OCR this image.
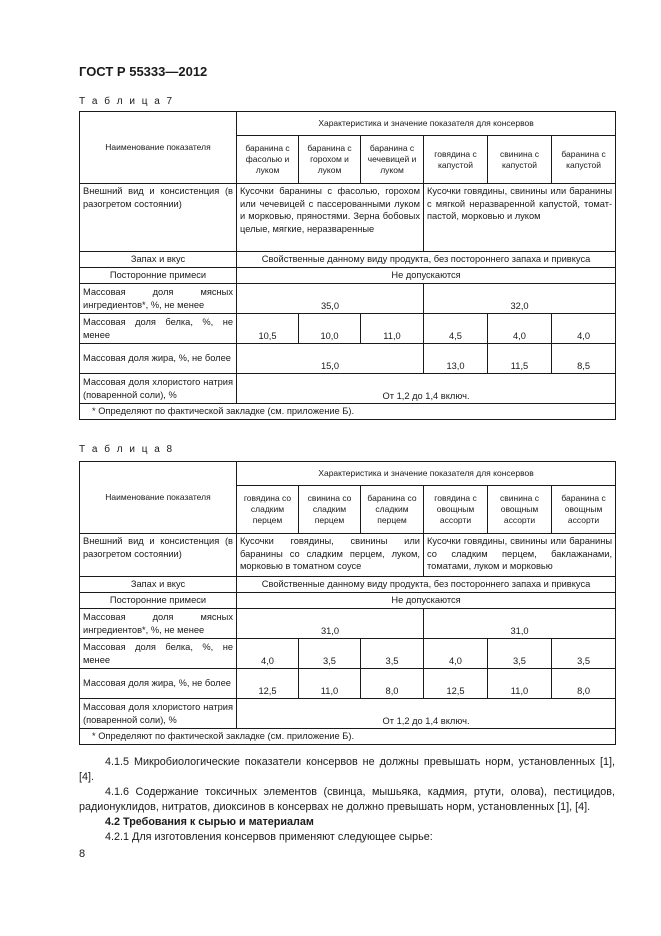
ГОСТ Р 55333—2012
Т а б л и ц а 7
Наименование показателя	Характеристика и значение показателя для консервов					
	баранина с фасолью и луком	баранина с горохом и луком	баранина с чечевицей и луком	говядина с капустой	свинина с капустой	баранина с капустой
Внешний вид и консистенция (в разогретом состоянии)	Кусочки баранины с фасолью, горохом или чечевицей с пассерованными луком и морковью, пряностями. Зерна бобовых целые, мягкие, неразваренные			Кусочки говядины, свинины или баранины с мягкой неразваренной капустой, томат-пастой, морковью и луком		
Запах и вкус	Свойственные данному виду продукта, без постороннего запаха и привкуса					
Посторонние примеси	Не допускаются					
Массовая доля мясных ингредиентов*, %, не менее	35,0			32,0		
Массовая доля белка, %, не менее	10,5	10,0	11,0	4,5	4,0	4,0
Массовая доля жира, %, не более	15,0			13,0	11,5	8,5
Массовая доля хлористого натрия (поваренной соли), %	От 1,2 до 1,4 включ.					
* Определяют по фактической закладке (см. приложение Б).						
Т а б л и ц а 8
Наименование показателя	Характеристика и значение показателя для консервов					
	говядина со сладким перцем	свинина со сладким перцем	баранина со сладким перцем	говядина с овощным ассорти	свинина с овощным ассорти	баранина с овощным ассорти
Внешний вид и консистенция (в разогретом состоянии)	Кусочки говядины, свинины или баранины со сладким перцем, луком, морковью в томатном соусе			Кусочки говядины, свинины или баранины со сладким перцем, баклажанами, томатами, луком и морковью		
Запах и вкус	Свойственные данному виду продукта, без постороннего запаха и привкуса					
Посторонние примеси	Не допускаются					
Массовая доля мясных ингредиентов*, %, не менее	31,0			31,0		
Массовая доля белка, %, не менее	4,0	3,5	3,5	4,0	3,5	3,5
Массовая доля жира, %, не более	12,5	11,0	8,0	12,5	11,0	8,0
Массовая доля хлористого натрия (поваренной соли), %	От 1,2 до 1,4 включ.					
* Определяют по фактической закладке (см. приложение Б).						
4.1.5 Микробиологические показатели консервов не должны превышать норм, установленных [1], [4].
4.1.6 Содержание токсичных элементов (свинца, мышьяка, кадмия, ртути, олова), пестицидов, радионуклидов, нитратов, диоксинов в консервах не должно превышать норм, установленных [1], [4].
4.2 Требования к сырью и материалам
4.2.1 Для изготовления консервов применяют следующее сырье:
8
